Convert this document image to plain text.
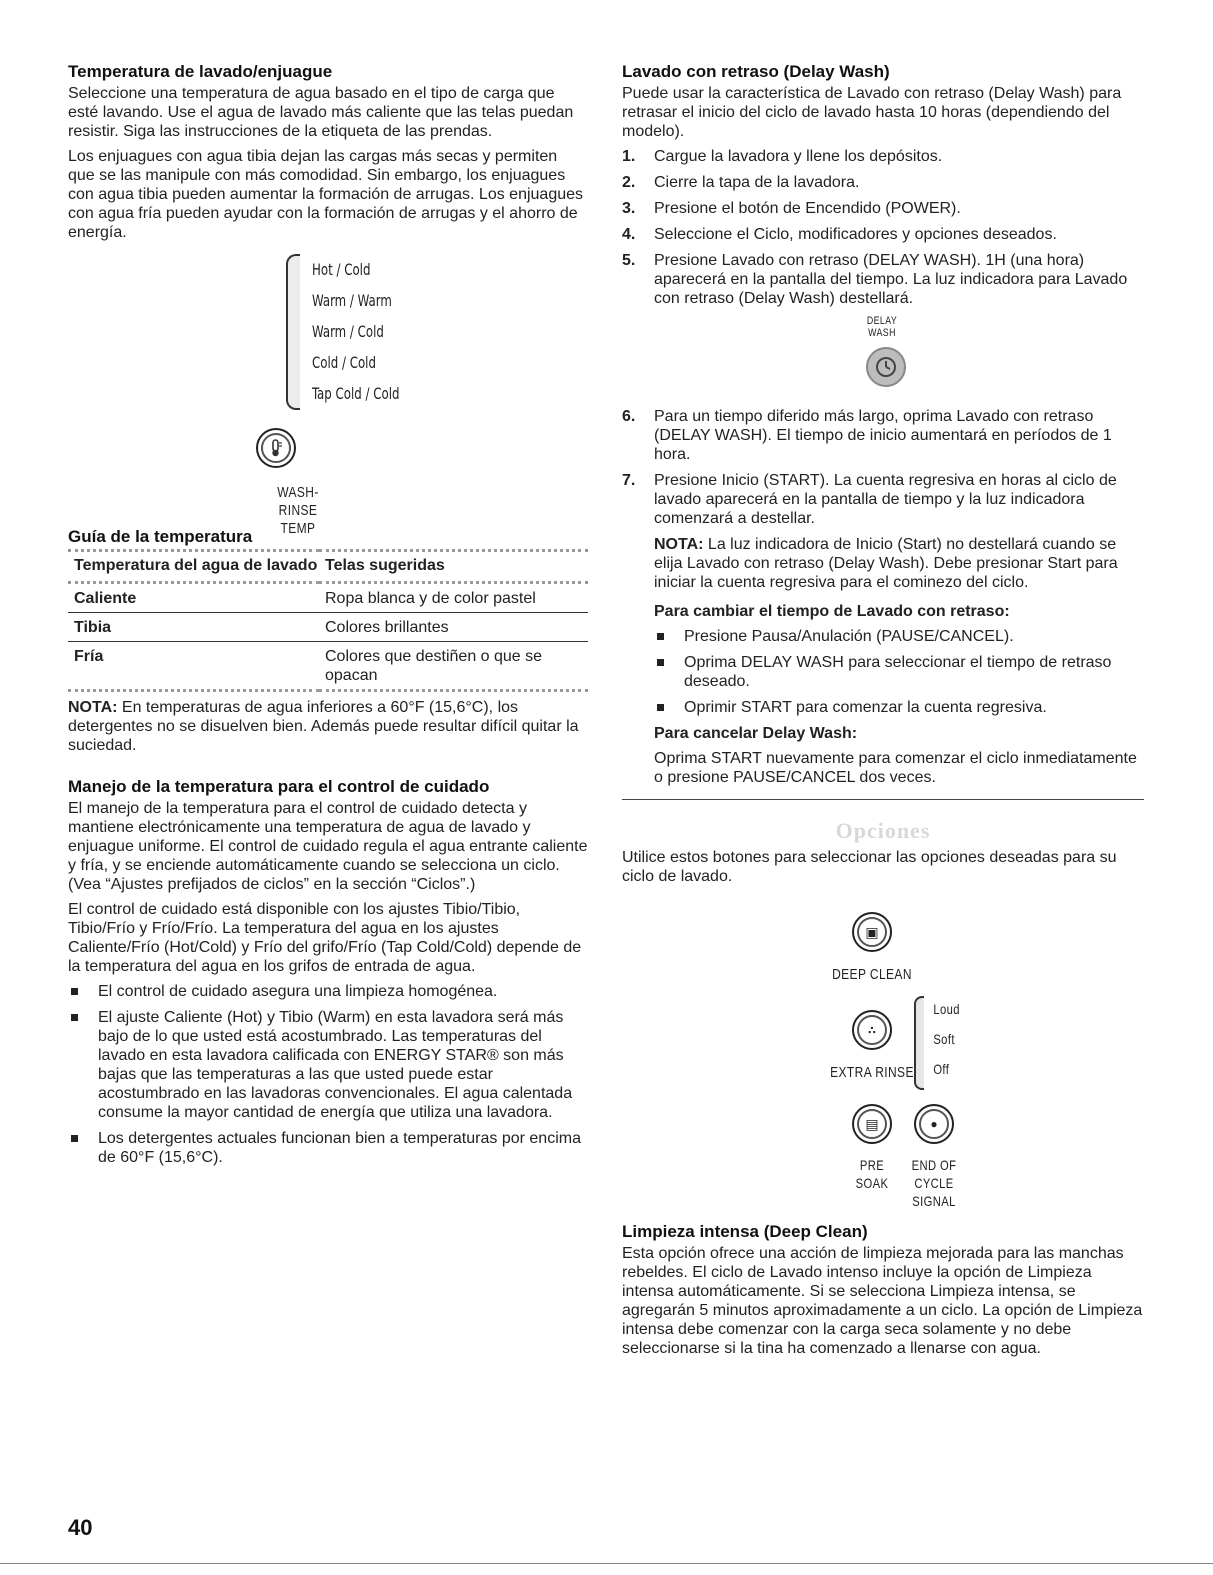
Temperatura de lavado/enjuague

Seleccione una temperatura de agua basado en el tipo de carga que esté lavando. Use el agua de lavado más caliente que las telas puedan resistir. Siga las instrucciones de la etiqueta de las prendas.

Los enjuagues con agua tibia dejan las cargas más secas y permiten que se las manipule con más comodidad. Sin embargo, los enjuagues con agua tibia pueden aumentar la formación de arrugas. Los enjuagues con agua fría pueden ayudar con la formación de arrugas y el ahorro de energía.

Hot / Cold
Warm / Warm
Warm / Cold
Cold / Cold
Tap Cold / Cold
WASH-RINSE
TEMP
Guía de la temperatura
Temperatura del agua de lavado	Telas sugeridas
Caliente	Ropa blanca y de color pastel
Tibia	Colores brillantes
Fría	Colores que destiñen o que se opacan

NOTA: En temperaturas de agua inferiores a 60°F (15,6°C), los detergentes no se disuelven bien. Además puede resultar difícil quitar la suciedad.

Manejo de la temperatura para el control de cuidado

El manejo de la temperatura para el control de cuidado detecta y mantiene electrónicamente una temperatura de agua de lavado y enjuague uniforme. El control de cuidado regula el agua entrante caliente y fría, y se enciende automáticamente cuando se selecciona un ciclo. (Vea “Ajustes prefijados de ciclos” en la sección “Ciclos”.)

El control de cuidado está disponible con los ajustes Tibio/Tibio, Tibio/Frío y Frío/Frío. La temperatura del agua en los ajustes Caliente/Frío (Hot/Cold) y Frío del grifo/Frío (Tap Cold/Cold) depende de la temperatura del agua en los grifos de entrada de agua.

El control de cuidado asegura una limpieza homogénea.
El ajuste Caliente (Hot) y Tibio (Warm) en esta lavadora será más bajo de lo que usted está acostumbrado. Las temperaturas del lavado en esta lavadora calificada con ENERGY STAR® son más bajas que las temperaturas a las que usted puede estar acostumbrado en las lavadoras convencionales. El agua calentada consume la mayor cantidad de energía que utiliza una lavadora.
Los detergentes actuales funcionan bien a temperaturas por encima de 60°F (15,6°C).
Lavado con retraso (Delay Wash)

Puede usar la característica de Lavado con retraso (Delay Wash) para retrasar el inicio del ciclo de lavado hasta 10 horas (dependiendo del modelo).

1. Cargue la lavadora y llene los depósitos.
2. Cierre la tapa de la lavadora.
3. Presione el botón de Encendido (POWER).
4. Seleccione el Ciclo, modificadores y opciones deseados.
5. Presione Lavado con retraso (DELAY WASH). 1H (una hora) aparecerá en la pantalla del tiempo. La luz indicadora para Lavado con retraso (Delay Wash) destellará.
DELAY
WASH
6. Para un tiempo diferido más largo, oprima Lavado con retraso (DELAY WASH). El tiempo de inicio aumentará en períodos de 1 hora.
7. Presione Inicio (START). La cuenta regresiva en horas al ciclo de lavado aparecerá en la pantalla de tiempo y la luz indicadora comenzará a destellar.

NOTA: La luz indicadora de Inicio (Start) no destellará cuando se elija Lavado con retraso (Delay Wash). Debe presionar Start para iniciar la cuenta regresiva para el cominezo del ciclo.

Para cambiar el tiempo de Lavado con retraso:

Presione Pausa/Anulación (PAUSE/CANCEL).
Oprima DELAY WASH para seleccionar el tiempo de retraso deseado.
Oprimir START para comenzar la cuenta regresiva.

Para cancelar Delay Wash:

Oprima START nuevamente para comenzar el ciclo inmediatamente o presione PAUSE/CANCEL dos veces.

Opciones

Utilice estos botones para seleccionar las opciones deseadas para su ciclo de lavado.

▣
DEEP CLEAN
∴
EXTRA RINSE
Loud
Soft
Off
▤
PRE
SOAK
●
END OF CYCLE
SIGNAL
Limpieza intensa (Deep Clean)

Esta opción ofrece una acción de limpieza mejorada para las manchas rebeldes. El ciclo de Lavado intenso incluye la opción de Limpieza intensa automáticamente. Si se selecciona Limpieza intensa, se agregarán 5 minutos aproximadamente a un ciclo. La opción de Limpieza intensa debe comenzar con la carga seca solamente y no debe seleccionarse si la tina ha comenzado a llenarse con agua.

40
